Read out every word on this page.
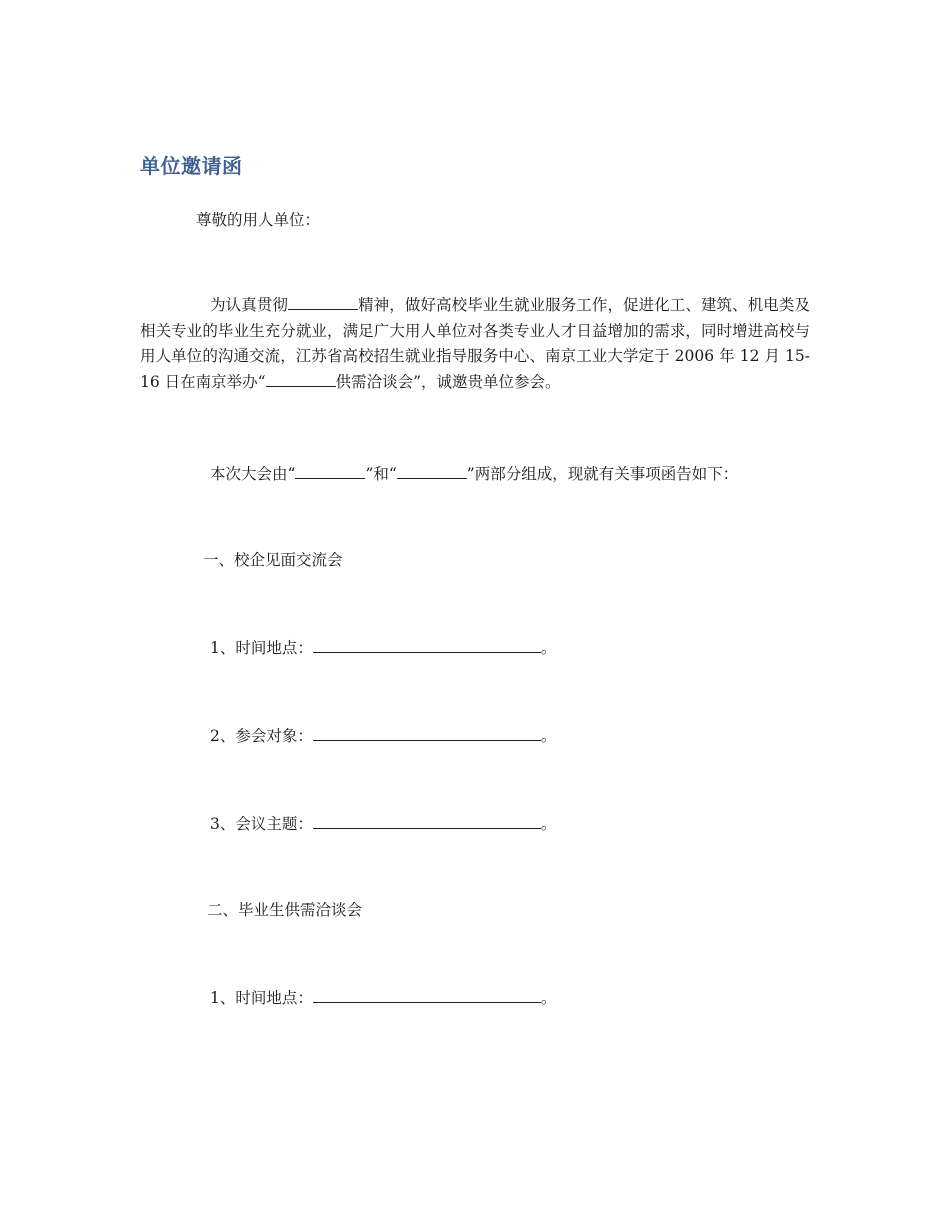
单位邀请函
尊敬的用人单位：
为认真贯彻	精神，做好高校毕业生就业服务工作，促进化工、建筑、机电类及相关专业的毕业生充分就业，满足广大用人单位对各类专业人才日益增加的需求，同时增进高校与用人单位的沟通交流，江苏省高校招生就业指导服务中心、南京工业大学定于 2006 年 12 月 15-16 日在南京举办“	供需洽谈会”，诚邀贵单位参会。
本次大会由“	”和“	”两部分组成，现就有关事项函告如下：
一、校企见面交流会
1、时间地点：	。
2、参会对象：	。
3、会议主题：	。
二、毕业生供需洽谈会
1、时间地点：	。
